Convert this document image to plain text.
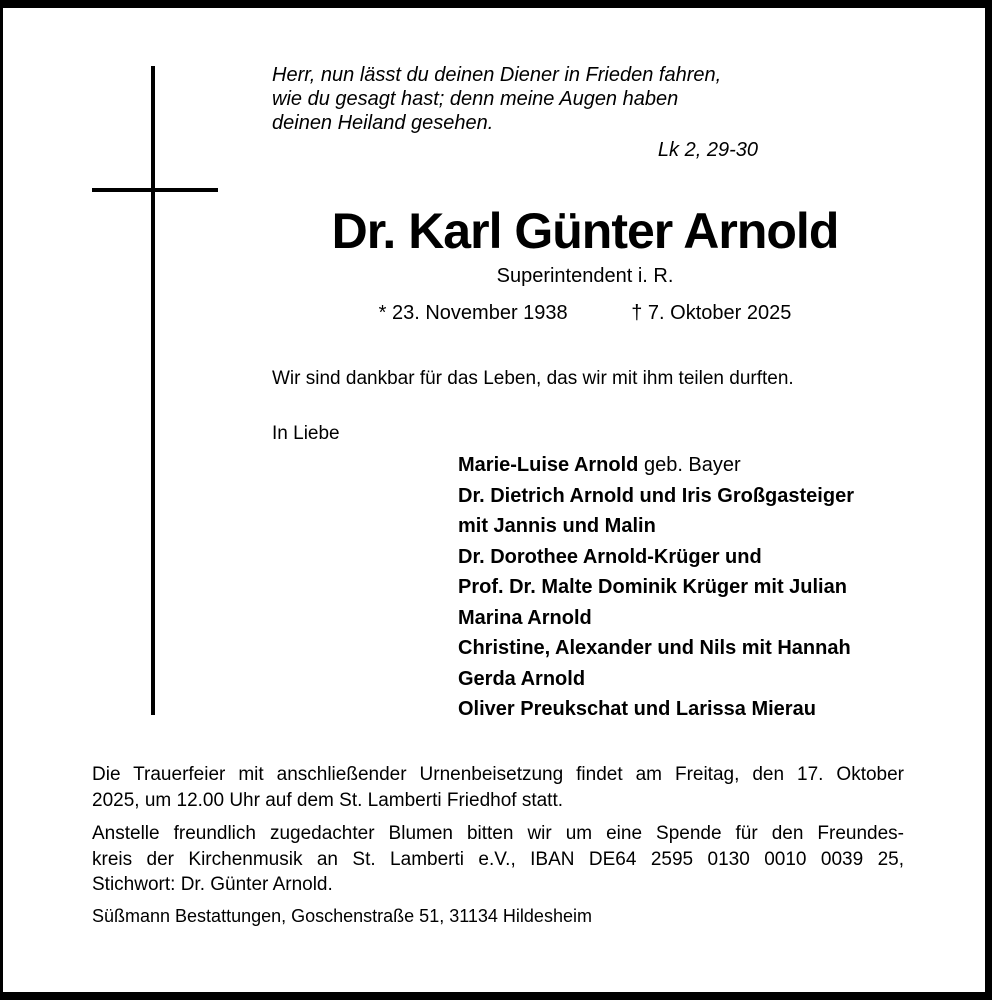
Herr, nun lässt du deinen Diener in Frieden fahren,
wie du gesagt hast; denn meine Augen haben
deinen Heiland gesehen.
Lk 2, 29-30
Dr. Karl Günter Arnold
Superintendent i. R.
* 23. November 1938	† 7. Oktober 2025
Wir sind dankbar für das Leben, das wir mit ihm teilen durften.
In Liebe
Marie-Luise Arnold geb. Bayer
Dr. Dietrich Arnold und Iris Großgasteiger
mit Jannis und Malin
Dr. Dorothee Arnold-Krüger und
Prof. Dr. Malte Dominik Krüger mit Julian
Marina Arnold
Christine, Alexander und Nils mit Hannah
Gerda Arnold
Oliver Preukschat und Larissa Mierau
Die Trauerfeier mit anschließender Urnenbeisetzung findet am Freitag, den 17. Oktober
2025, um 12.00 Uhr auf dem St. Lamberti Friedhof statt.
Anstelle freundlich zugedachter Blumen bitten wir um eine Spende für den Freundes-
kreis der Kirchenmusik an St. Lamberti e.V., IBAN DE64 2595 0130 0010 0039 25,
Stichwort: Dr. Günter Arnold.
Süßmann Bestattungen, Goschenstraße 51, 31134 Hildesheim
